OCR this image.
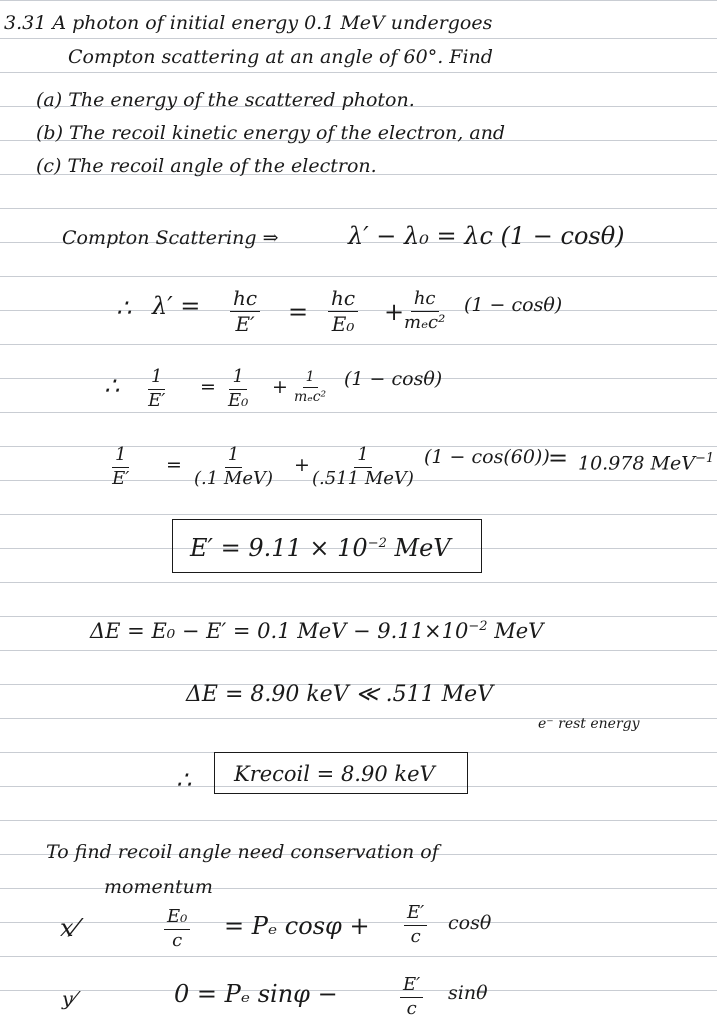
3.31 A photon of initial energy 0.1 MeV undergoes
Compton scattering at an angle of 60°. Find
(a) The energy of the scattered photon.
(b) The recoil kinetic energy of the electron, and
(c) The recoil angle of the electron.
Compton Scattering ⇒	λ′ − λ₀ = λc (1 − cosθ)
∴ $\lambda' = \frac{hc}{E'} = \frac{hc}{\text{E₀}}$ + hc
mₑc²
(1 − cosθ)
∴ $\frac{1}{E'} = \frac{1}{\text{E₀}} + 1$
mₑc²
(1 − cosθ)
$\frac{1}{E'}$ =	1
(.1 MeV)
+	1
(.511 MeV)
(1 − cos(60))
= 10.978 MeV$^{-1}$
$E' = 9.11 \times 10^{-2}$ MeV
ΔE = E₀ − E′ = 0.1 MeV − $9.11\times 10^{-2}$ MeV
ΔE = 8.90 keV ≪ .511 MeV
e⁻ rest energy
∴ Krecoil = 8.90 keV
To find recoil angle need conservation of
momentum
x⁄	$\frac{\text{E₀}}{c} = P_e$ $\cos\varphi + \frac{E'}{c}$ cosθ
y⁄	0 = Pₑ sinφ −	$\frac{E'}{c}$ sinθ
